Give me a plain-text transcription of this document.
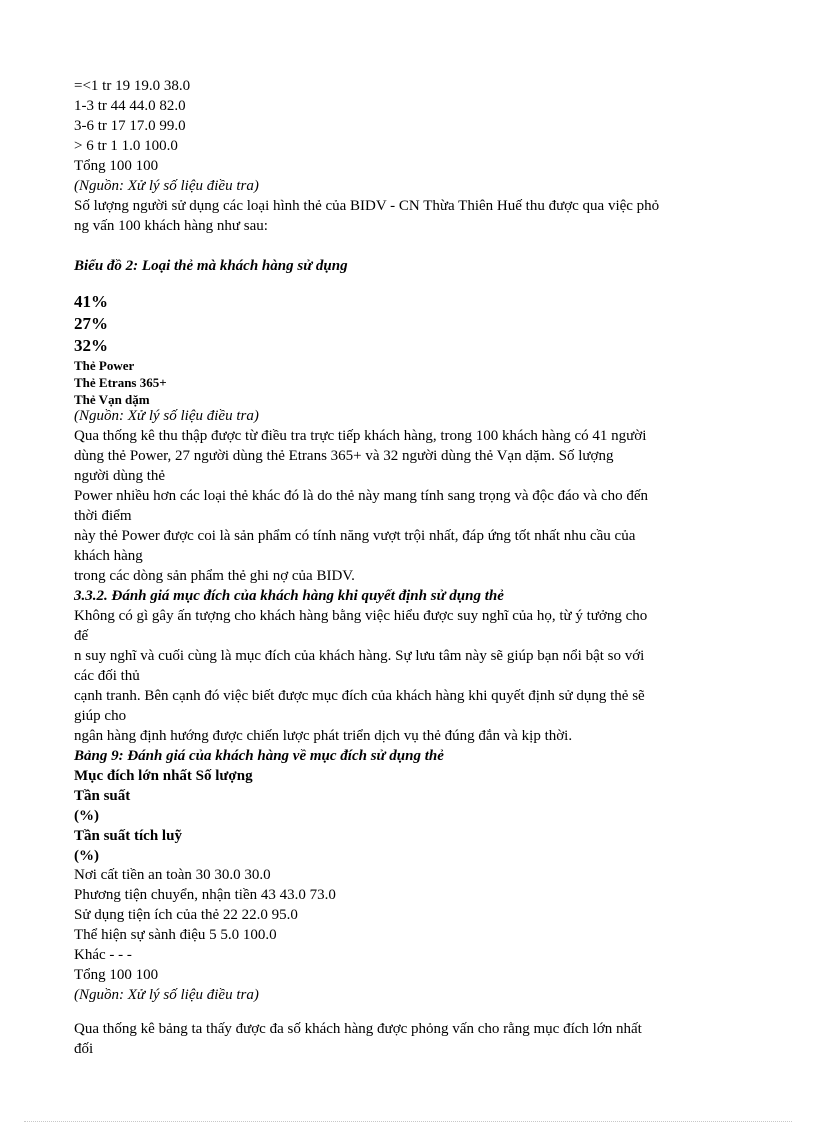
=<1 tr 19 19.0 38.0
1-3 tr 44 44.0 82.0
3-6 tr 17 17.0 99.0
> 6 tr 1 1.0 100.0
Tổng 100 100
(Nguồn: Xử lý số liệu điều tra)
Số lượng người sử dụng các loại hình thẻ của BIDV - CN Thừa Thiên Huế thu được qua việc phỏ
ng vấn 100 khách hàng như sau:
Biểu đồ 2: Loại thẻ mà khách hàng sử dụng
41%
27%
32%
Thẻ Power
Thẻ Etrans 365+
Thẻ Vạn dặm
(Nguồn: Xử lý số liệu điều tra)
Qua thống kê thu thập được từ điều tra trực tiếp khách hàng, trong 100 khách hàng có 41 người
dùng thẻ Power, 27 người dùng thẻ Etrans 365+ và 32 người dùng thẻ Vạn dặm. Số lượng
người dùng thẻ
Power nhiều hơn các loại thẻ khác đó là do thẻ này mang tính sang trọng và độc đáo và cho đến
thời điểm
này thẻ Power được coi là sản phẩm có tính năng vượt trội nhất, đáp ứng tốt nhất nhu cầu của
khách hàng
trong các dòng sản phẩm thẻ ghi nợ của BIDV.
3.3.2. Đánh giá mục đích của khách hàng khi quyết định sử dụng thẻ
Không có gì gây ấn tượng cho khách hàng bằng việc hiểu được suy nghĩ của họ, từ ý tưởng cho
đế
n suy nghĩ và cuối cùng là mục đích của khách hàng. Sự lưu tâm này sẽ giúp bạn nổi bật so với
các đối thủ
cạnh tranh. Bên cạnh đó việc biết được mục đích của khách hàng khi quyết định sử dụng thẻ sẽ
giúp cho
ngân hàng định hướng được chiến lược phát triển dịch vụ thẻ đúng đắn và kịp thời.
Bảng 9: Đánh giá của khách hàng về mục đích sử dụng thẻ
Mục đích lớn nhất Số lượng
Tần suất
(%)
Tần suất tích luỹ
(%)
Nơi cất tiền an toàn 30 30.0 30.0
Phương tiện chuyển, nhận tiền 43 43.0 73.0
Sử dụng tiện ích của thẻ 22 22.0 95.0
Thể hiện sự sành điệu 5 5.0 100.0
Khác - - -
Tổng 100 100
(Nguồn: Xử lý số liệu điều tra)
Qua thống kê bảng ta thấy được đa số khách hàng được phỏng vấn cho rằng mục đích lớn nhất
đối
